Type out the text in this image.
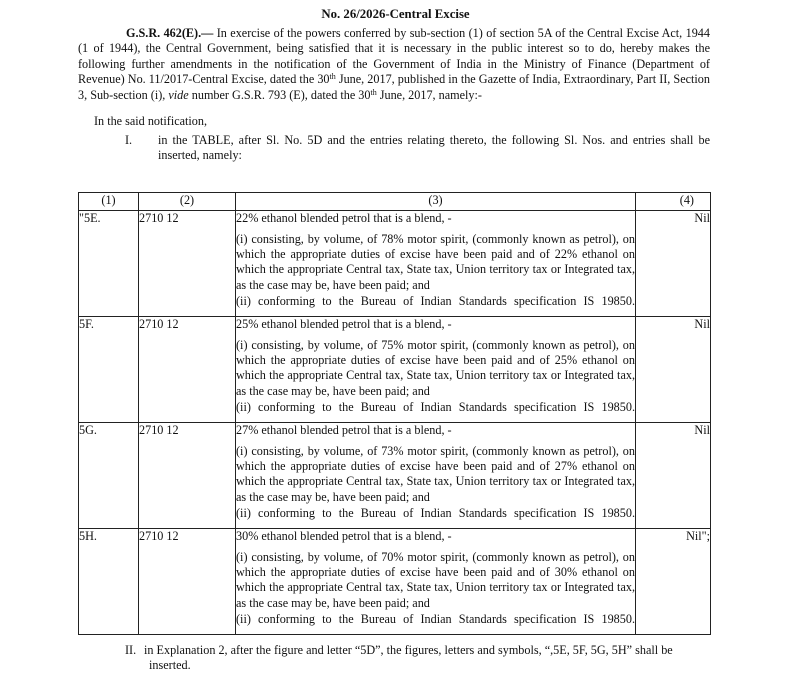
No. 26/2026-Central Excise
G.S.R. 462(E).— In exercise of the powers conferred by sub-section (1) of section 5A of the Central Excise Act, 1944 (1 of 1944), the Central Government, being satisfied that it is necessary in the public interest so to do, hereby makes the following further amendments in the notification of the Government of India in the Ministry of Finance (Department of Revenue) No. 11/2017-Central Excise, dated the 30th June, 2017, published in the Gazette of India, Extraordinary, Part II, Section 3, Sub-section (i), vide number G.S.R. 793 (E), dated the 30th June, 2017, namely:-
In the said notification,
I. in the TABLE, after Sl. No. 5D and the entries relating thereto, the following Sl. Nos. and entries shall be inserted, namely:
(1)	(2)	(3)	(4)
"5E.	2710 12	22% ethanol blended petrol that is a blend, -
(i) consisting, by volume, of 78% motor spirit, (commonly known as petrol), on which the appropriate duties of excise have been paid and of 22% ethanol on which the appropriate Central tax, State tax, Union territory tax or Integrated tax, as the case may be, have been paid; and
(ii) conforming to the Bureau of Indian Standards specification IS 19850.	Nil
5F.	2710 12	25% ethanol blended petrol that is a blend, -
(i) consisting, by volume, of 75% motor spirit, (commonly known as petrol), on which the appropriate duties of excise have been paid and of 25% ethanol on which the appropriate Central tax, State tax, Union territory tax or Integrated tax, as the case may be, have been paid; and
(ii) conforming to the Bureau of Indian Standards specification IS 19850.	Nil
5G.	2710 12	27% ethanol blended petrol that is a blend, -
(i) consisting, by volume, of 73% motor spirit, (commonly known as petrol), on which the appropriate duties of excise have been paid and of 27% ethanol on which the appropriate Central tax, State tax, Union territory tax or Integrated tax, as the case may be, have been paid; and
(ii) conforming to the Bureau of Indian Standards specification IS 19850.	Nil
5H.	2710 12	30% ethanol blended petrol that is a blend, -
(i) consisting, by volume, of 70% motor spirit, (commonly known as petrol), on which the appropriate duties of excise have been paid and of 30% ethanol on which the appropriate Central tax, State tax, Union territory tax or Integrated tax, as the case may be, have been paid; and
(ii) conforming to the Bureau of Indian Standards specification IS 19850.	Nil";
II. in Explanation 2, after the figure and letter “5D”, the figures, letters and symbols, “,5E, 5F, 5G, 5H” shall be
inserted.
